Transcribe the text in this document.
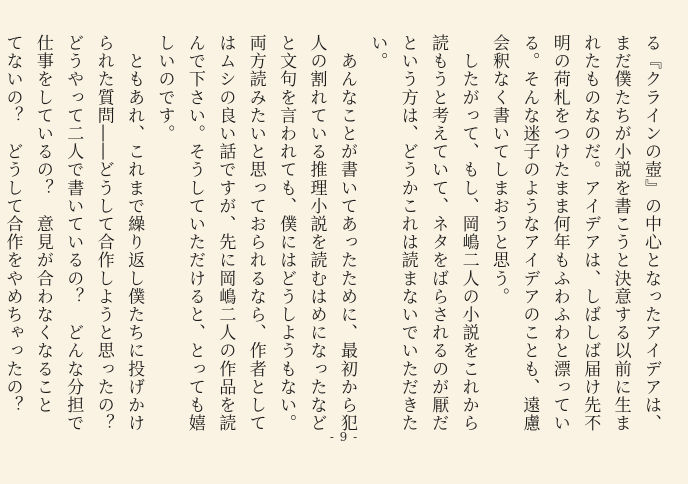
る『クラインの壺』の中心となったアイデアは、
まだ僕たちが小説を書こうと決意する以前に生ま
れたものなのだ。アイデアは、しばしば届け先不
明の荷札をつけたまま何年もふわふわと漂ってい
る。そんな迷子のようなアイデアのことも、遠慮
会釈なく書いてしまおうと思う。
　したがって、もし、岡嶋二人の小説をこれから
読もうと考えていて、ネタをばらされるのが厭だ
という方は、どうかこれは読まないでいただきた
い。
　あんなことが書いてあったために、最初から犯
人の割れている推理小説を読むはめになったなど
と文句を言われても、僕にはどうしようもない。
両方読みたいと思っておられるなら、作者として
はムシの良い話ですが、先に岡嶋二人の作品を読
んで下さい。そうしていただけると、とっても嬉
しいのです。
　ともあれ、これまで繰り返し僕たちに投げかけ
られた質問――どうして合作しようと思ったの？
どうやって二人で書いているの？　どんな分担で
仕事をしているの？　意見が合わなくなること
てないの？　どうして合作をやめちゃったの？
- 9 -
